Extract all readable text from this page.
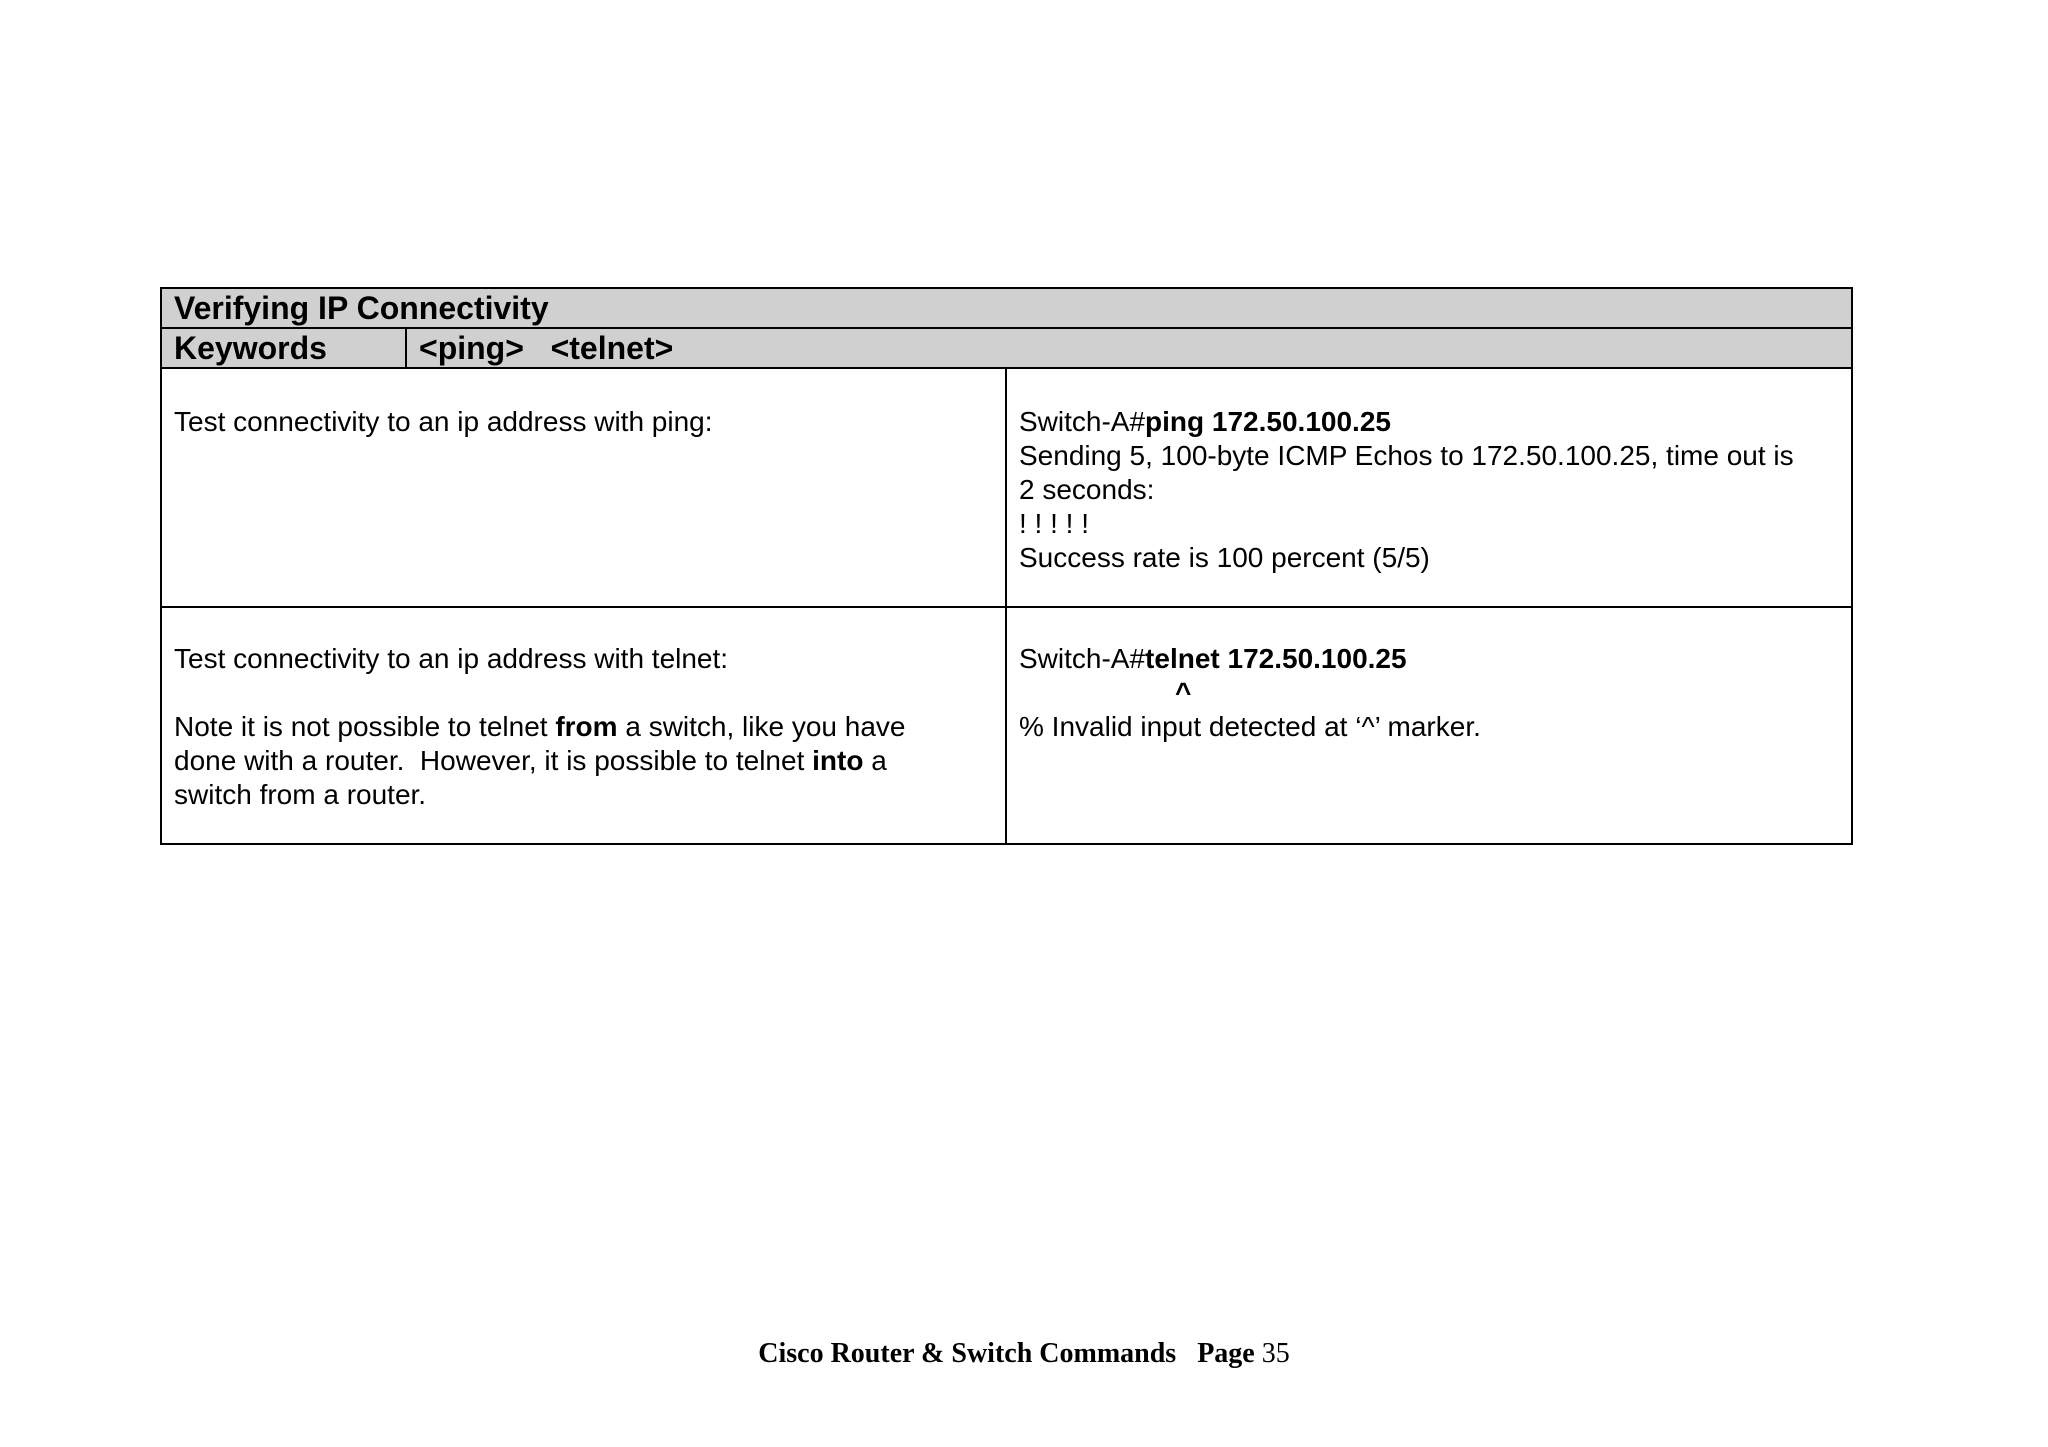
Verifying IP Connectivity
Keywords	<ping>   <telnet>
Test connectivity to an ip address with ping:	Switch-A#ping 172.50.100.25
Sending 5, 100-byte ICMP Echos to 172.50.100.25, time out is
2 seconds:
! ! ! ! !
Success rate is 100 percent (5/5)
Test connectivity to an ip address with telnet:
Note it is not possible to telnet from a switch, like you have
done with a router.  However, it is possible to telnet into a
switch from a router.
Switch-A#telnet 172.50.100.25
^
% Invalid input detected at ‘^’ marker.
Cisco Router & Switch Commands Page 35
